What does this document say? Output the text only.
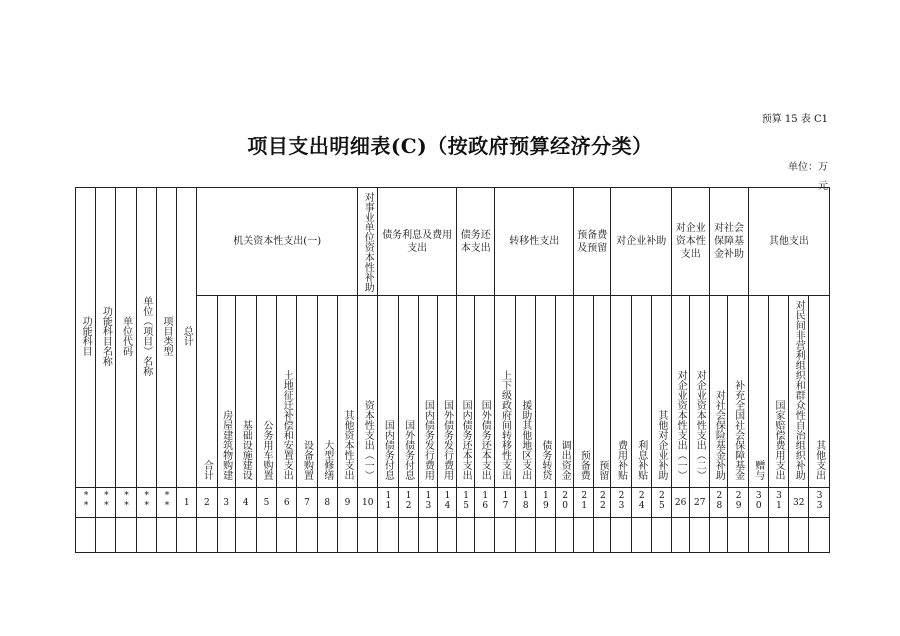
预算 15 表 C1
项目支出明细表(C)（按政府预算经济分类）
单位：万
元
功能科目	功能科目名称	单位代码	单位（项目）名称	项目类型	总计	机关资本性支出(一)								对事业单位资本性补助	债务利息及费用支出				债务还本支出		转移性支出				预备费及预留		对企业补助			对企业资本性支出		对社会保障基金补助		其他支出			
						合计	房屋建筑物购建	基础设施建设	公务用车购置	土地征迁补偿和安置支出	设备购置	大型修缮	其他资本性支出	资本性支出（一）	国内债务付息	国外债务付息	国内债务发行费用	国外债务发行费用	国内债务还本支出	国外债务还本支出	上下级政府间转移性支出	援助其他地区支出	债务转贷	调出资金	预备费	预留	费用补贴	利息补贴	其他对企业补助	对企业资本性支出（一）	对企业资本性支出（二）	对社会保险基金补助	补充全国社会保障基金	赠与	国家赔偿费用支出	对民间非营利组织和群众性自治组织补助	其他支出
**	**	**	**	**	1	2	3	4	5	6	7	8	9	10	11	12	13	14	15	16	17	18	19	20	21	22	23	24	25	26	27	28	29	30	31	32	33
